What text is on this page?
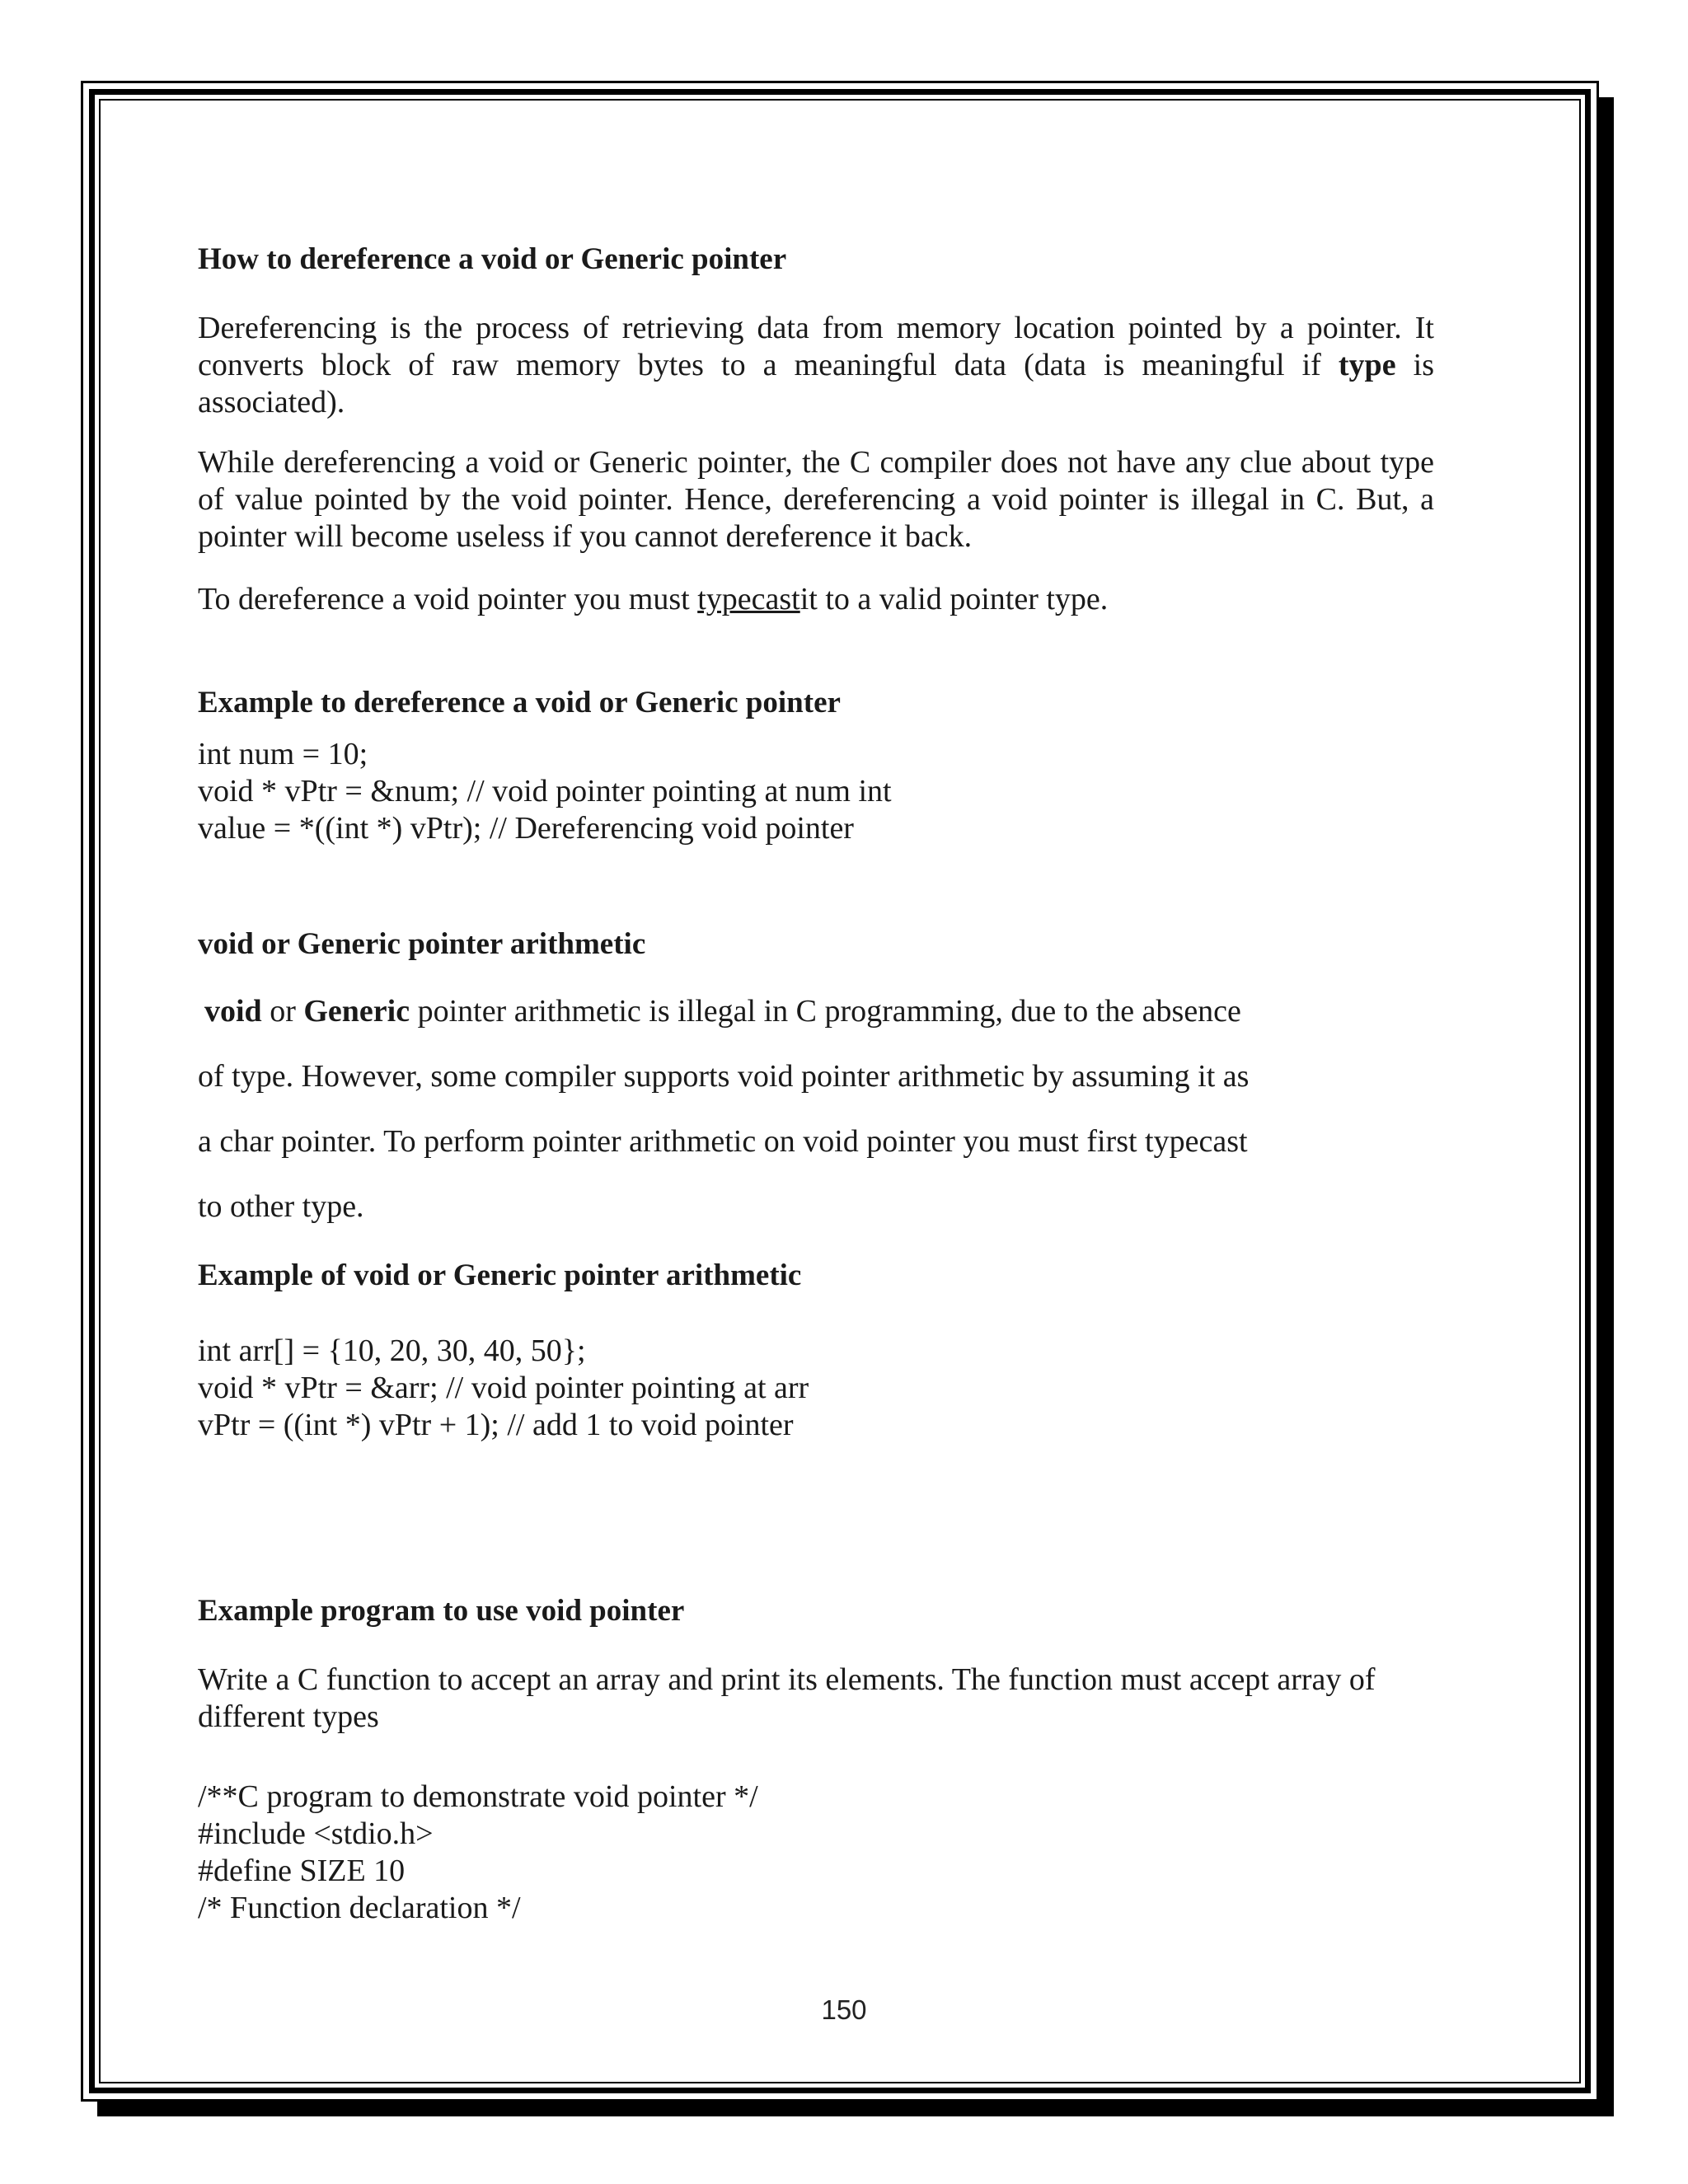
How to dereference a void or Generic pointer

Dereferencing is the process of retrieving data from memory location pointed by a pointer. It converts block of raw memory bytes to a meaningful data (data is meaningful if type is associated).

While dereferencing a void or Generic pointer, the C compiler does not have any clue about type of value pointed by the void pointer. Hence, dereferencing a void pointer is illegal in C. But, a pointer will become useless if you cannot dereference it back.

To dereference a void pointer you must typecastit to a valid pointer type.

Example to dereference a void or Generic pointer
int num = 10;
void * vPtr = &num; // void pointer pointing at num int
value = *((int *) vPtr); // Dereferencing void pointer
void or Generic pointer arithmetic
void or Generic pointer arithmetic is illegal in C programming, due to the absence
of type. However, some compiler supports void pointer arithmetic by assuming it as
a char pointer. To perform pointer arithmetic on void pointer you must first typecast
to other type.
Example of void or Generic pointer arithmetic
int arr[] = {10, 20, 30, 40, 50};
void * vPtr = &arr; // void pointer pointing at arr
vPtr = ((int *) vPtr + 1); // add 1 to void pointer
Example program to use void pointer

Write a C function to accept an array and print its elements. The function must accept array of different types

/**C program to demonstrate void pointer */
#include <stdio.h>
#define SIZE 10
/* Function declaration */
150
